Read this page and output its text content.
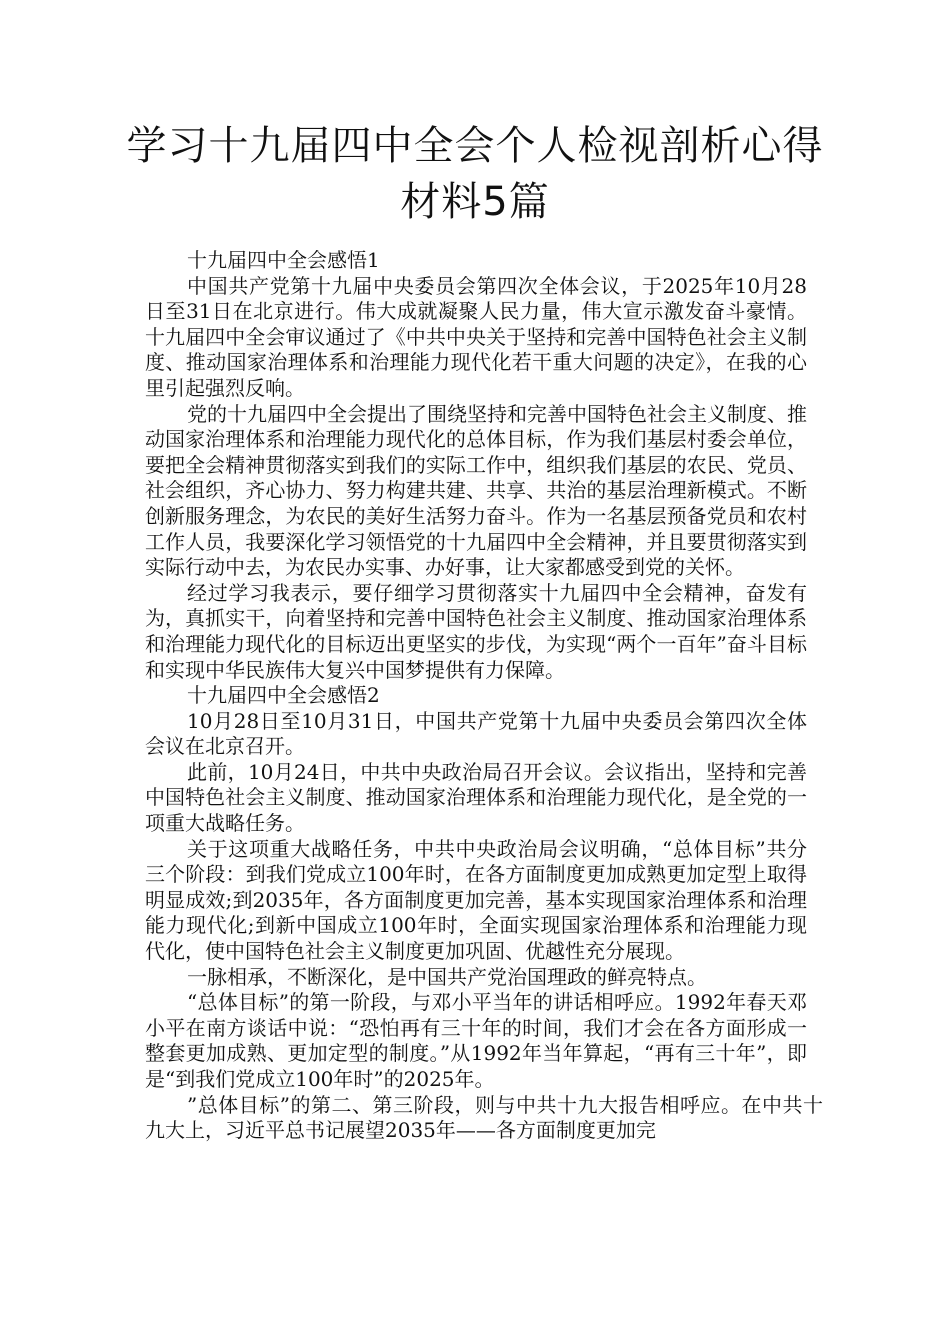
学习十九届四中全会个人检视剖析心得
材料5篇

十九届四中全会感悟1

中国共产党第十九届中央委员会第四次全体会议，于2025年10月28日至31日在北京进行。伟大成就凝聚人民力量，伟大宣示激发奋斗豪情。十九届四中全会审议通过了《中共中央关于坚持和完善中国特色社会主义制度、推动国家治理体系和治理能力现代化若干重大问题的决定》，在我的心里引起强烈反响。

党的十九届四中全会提出了围绕坚持和完善中国特色社会主义制度、推动国家治理体系和治理能力现代化的总体目标，作为我们基层村委会单位，要把全会精神贯彻落实到我们的实际工作中，组织我们基层的农民、党员、社会组织，齐心协力、努力构建共建、共享、共治的基层治理新模式。不断创新服务理念，为农民的美好生活努力奋斗。作为一名基层预备党员和农村工作人员，我要深化学习领悟党的十九届四中全会精神，并且要贯彻落实到实际行动中去，为农民办实事、办好事，让大家都感受到党的关怀。

经过学习我表示，要仔细学习贯彻落实十九届四中全会精神，奋发有为，真抓实干，向着坚持和完善中国特色社会主义制度、推动国家治理体系和治理能力现代化的目标迈出更坚实的步伐，为实现“两个一百年”奋斗目标和实现中华民族伟大复兴中国梦提供有力保障。

十九届四中全会感悟2

10月28日至10月31日，中国共产党第十九届中央委员会第四次全体会议在北京召开。

此前，10月24日，中共中央政治局召开会议。会议指出，坚持和完善中国特色社会主义制度、推动国家治理体系和治理能力现代化，是全党的一项重大战略任务。

关于这项重大战略任务，中共中央政治局会议明确，“总体目标”共分三个阶段：到我们党成立100年时，在各方面制度更加成熟更加定型上取得明显成效;到2035年，各方面制度更加完善，基本实现国家治理体系和治理能力现代化;到新中国成立100年时，全面实现国家治理体系和治理能力现代化，使中国特色社会主义制度更加巩固、优越性充分展现。

一脉相承，不断深化，是中国共产党治国理政的鲜亮特点。

“总体目标”的第一阶段，与邓小平当年的讲话相呼应。1992年春天邓小平在南方谈话中说：“恐怕再有三十年的时间，我们才会在各方面形成一整套更加成熟、更加定型的制度。”从1992年当年算起，“再有三十年”，即是“到我们党成立100年时”的2025年。

”总体目标”的第二、第三阶段，则与中共十九大报告相呼应。在中共十九大上，习近平总书记展望2035年——各方面制度更加完
